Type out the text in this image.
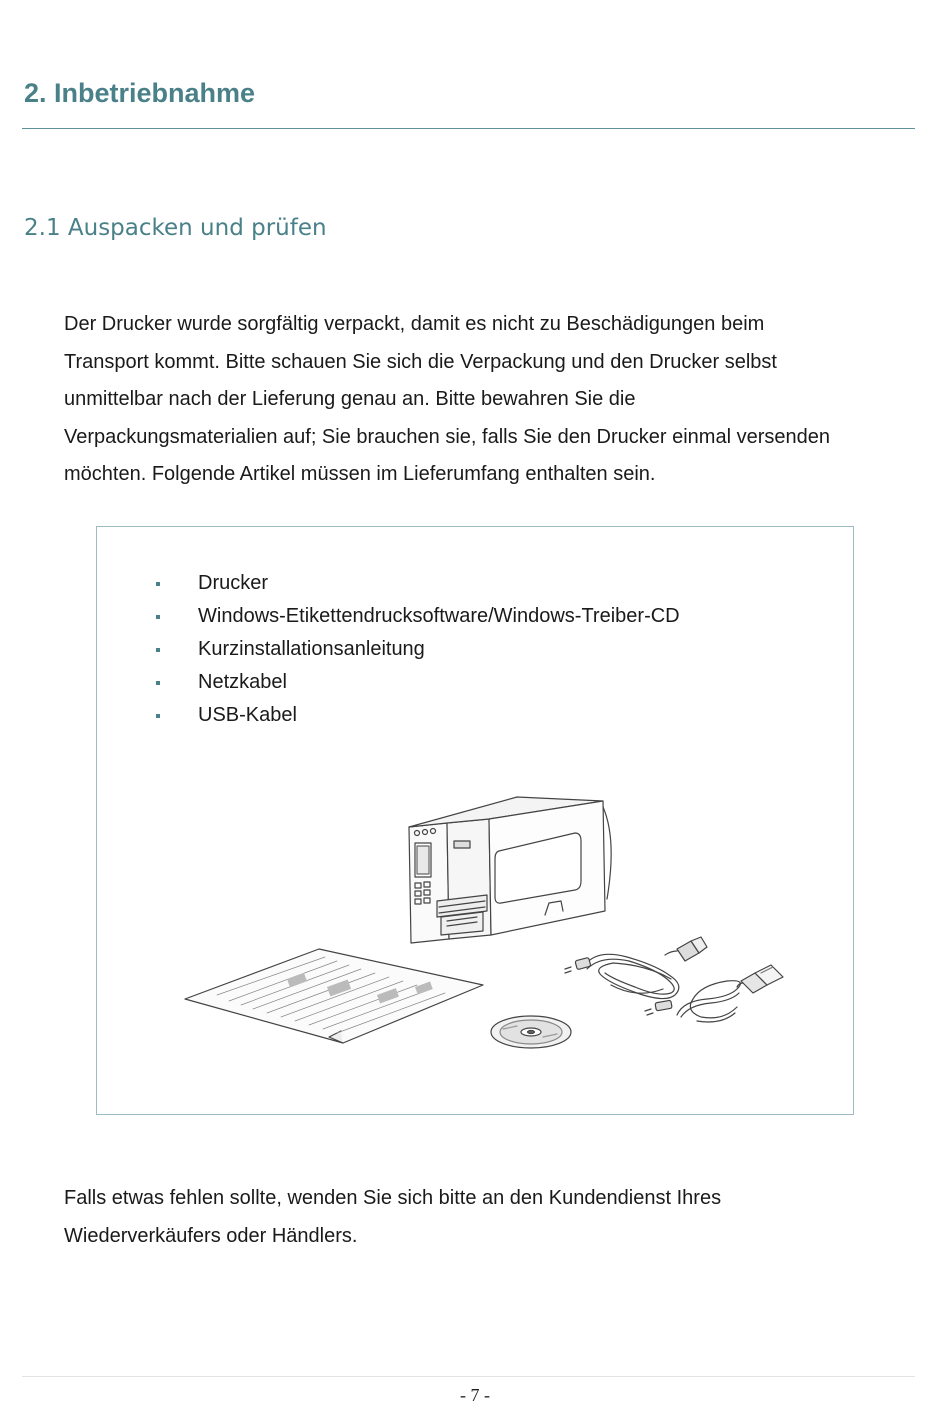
2. Inbetriebnahme
2.1 Auspacken und prüfen

Der Drucker wurde sorgfältig verpackt, damit es nicht zu Beschädigungen beim
Transport kommt. Bitte schauen Sie sich die Verpackung und den Drucker selbst
unmittelbar nach der Lieferung genau an. Bitte bewahren Sie die
Verpackungsmaterialien auf; Sie brauchen sie, falls Sie den Drucker einmal versenden
möchten. Folgende Artikel müssen im Lieferumfang enthalten sein.

Drucker
Windows-Etikettendrucksoftware/Windows-Treiber-CD
Kurzinstallationsanleitung
Netzkabel
USB-Kabel

Falls etwas fehlen sollte, wenden Sie sich bitte an den Kundendienst Ihres
Wiederverkäufers oder Händlers.

- 7 -
